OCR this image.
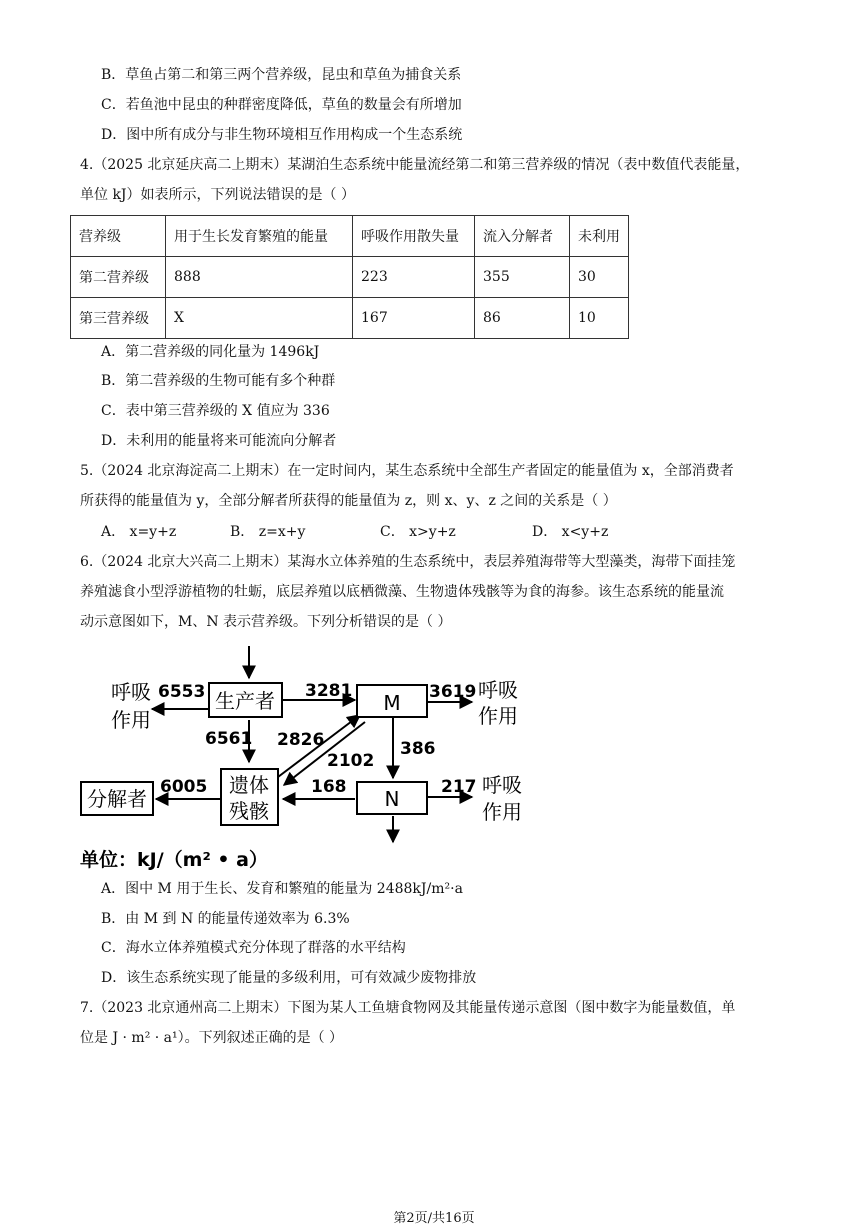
B．草鱼占第二和第三两个营养级，昆虫和草鱼为捕食关系
C．若鱼池中昆虫的种群密度降低，草鱼的数量会有所增加
D．图中所有成分与非生物环境相互作用构成一个生态系统
4.（2025 北京延庆高二上期末）某湖泊生态系统中能量流经第二和第三营养级的情况（表中数值代表能量，
单位 kJ）如表所示，下列说法错误的是（ ）
营养级	用于生长发育繁殖的能量	呼吸作用散失量	流入分解者	未利用
第二营养级	888	223	355	30
第三营养级	X	167	86	10
A．第二营养级的同化量为 1496kJ
B．第二营养级的生物可能有多个种群
C．表中第三营养级的 X 值应为 336
D．未利用的能量将来可能流向分解者
5.（2024 北京海淀高二上期末）在一定时间内，某生态系统中全部生产者固定的能量值为 x，全部消费者
所获得的能量值为 y，全部分解者所获得的能量值为 z，则 x、y、z 之间的关系是（ ）
A． x=y+z	B． z=x+y	C． x>y+z	D． x<y+z
6.（2024 北京大兴高二上期末）某海水立体养殖的生态系统中，表层养殖海带等大型藻类，海带下面挂笼
养殖滤食小型浮游植物的牡蛎，底层养殖以底栖微藻、生物遗体残骸等为食的海参。该生态系统的能量流
动示意图如下，M、N 表示营养级。下列分析错误的是（ ）
生产者	M
遗体
残骸	N
分解者
呼吸
作用
呼吸
作用
呼吸
作用
6553	3281	3619
6561 2826
2102
386
6005	168	217
单位：kJ/（m² • a）
A．图中 M 用于生长、发育和繁殖的能量为 2488kJ/m²·a
B．由 M 到 N 的能量传递效率为 6.3%
C．海水立体养殖模式充分体现了群落的水平结构
D．该生态系统实现了能量的多级利用，可有效减少废物排放
7.（2023 北京通州高二上期末）下图为某人工鱼塘食物网及其能量传递示意图（图中数字为能量数值，单
位是 J · m² · a¹）。下列叙述正确的是（ ）
第2页/共16页
